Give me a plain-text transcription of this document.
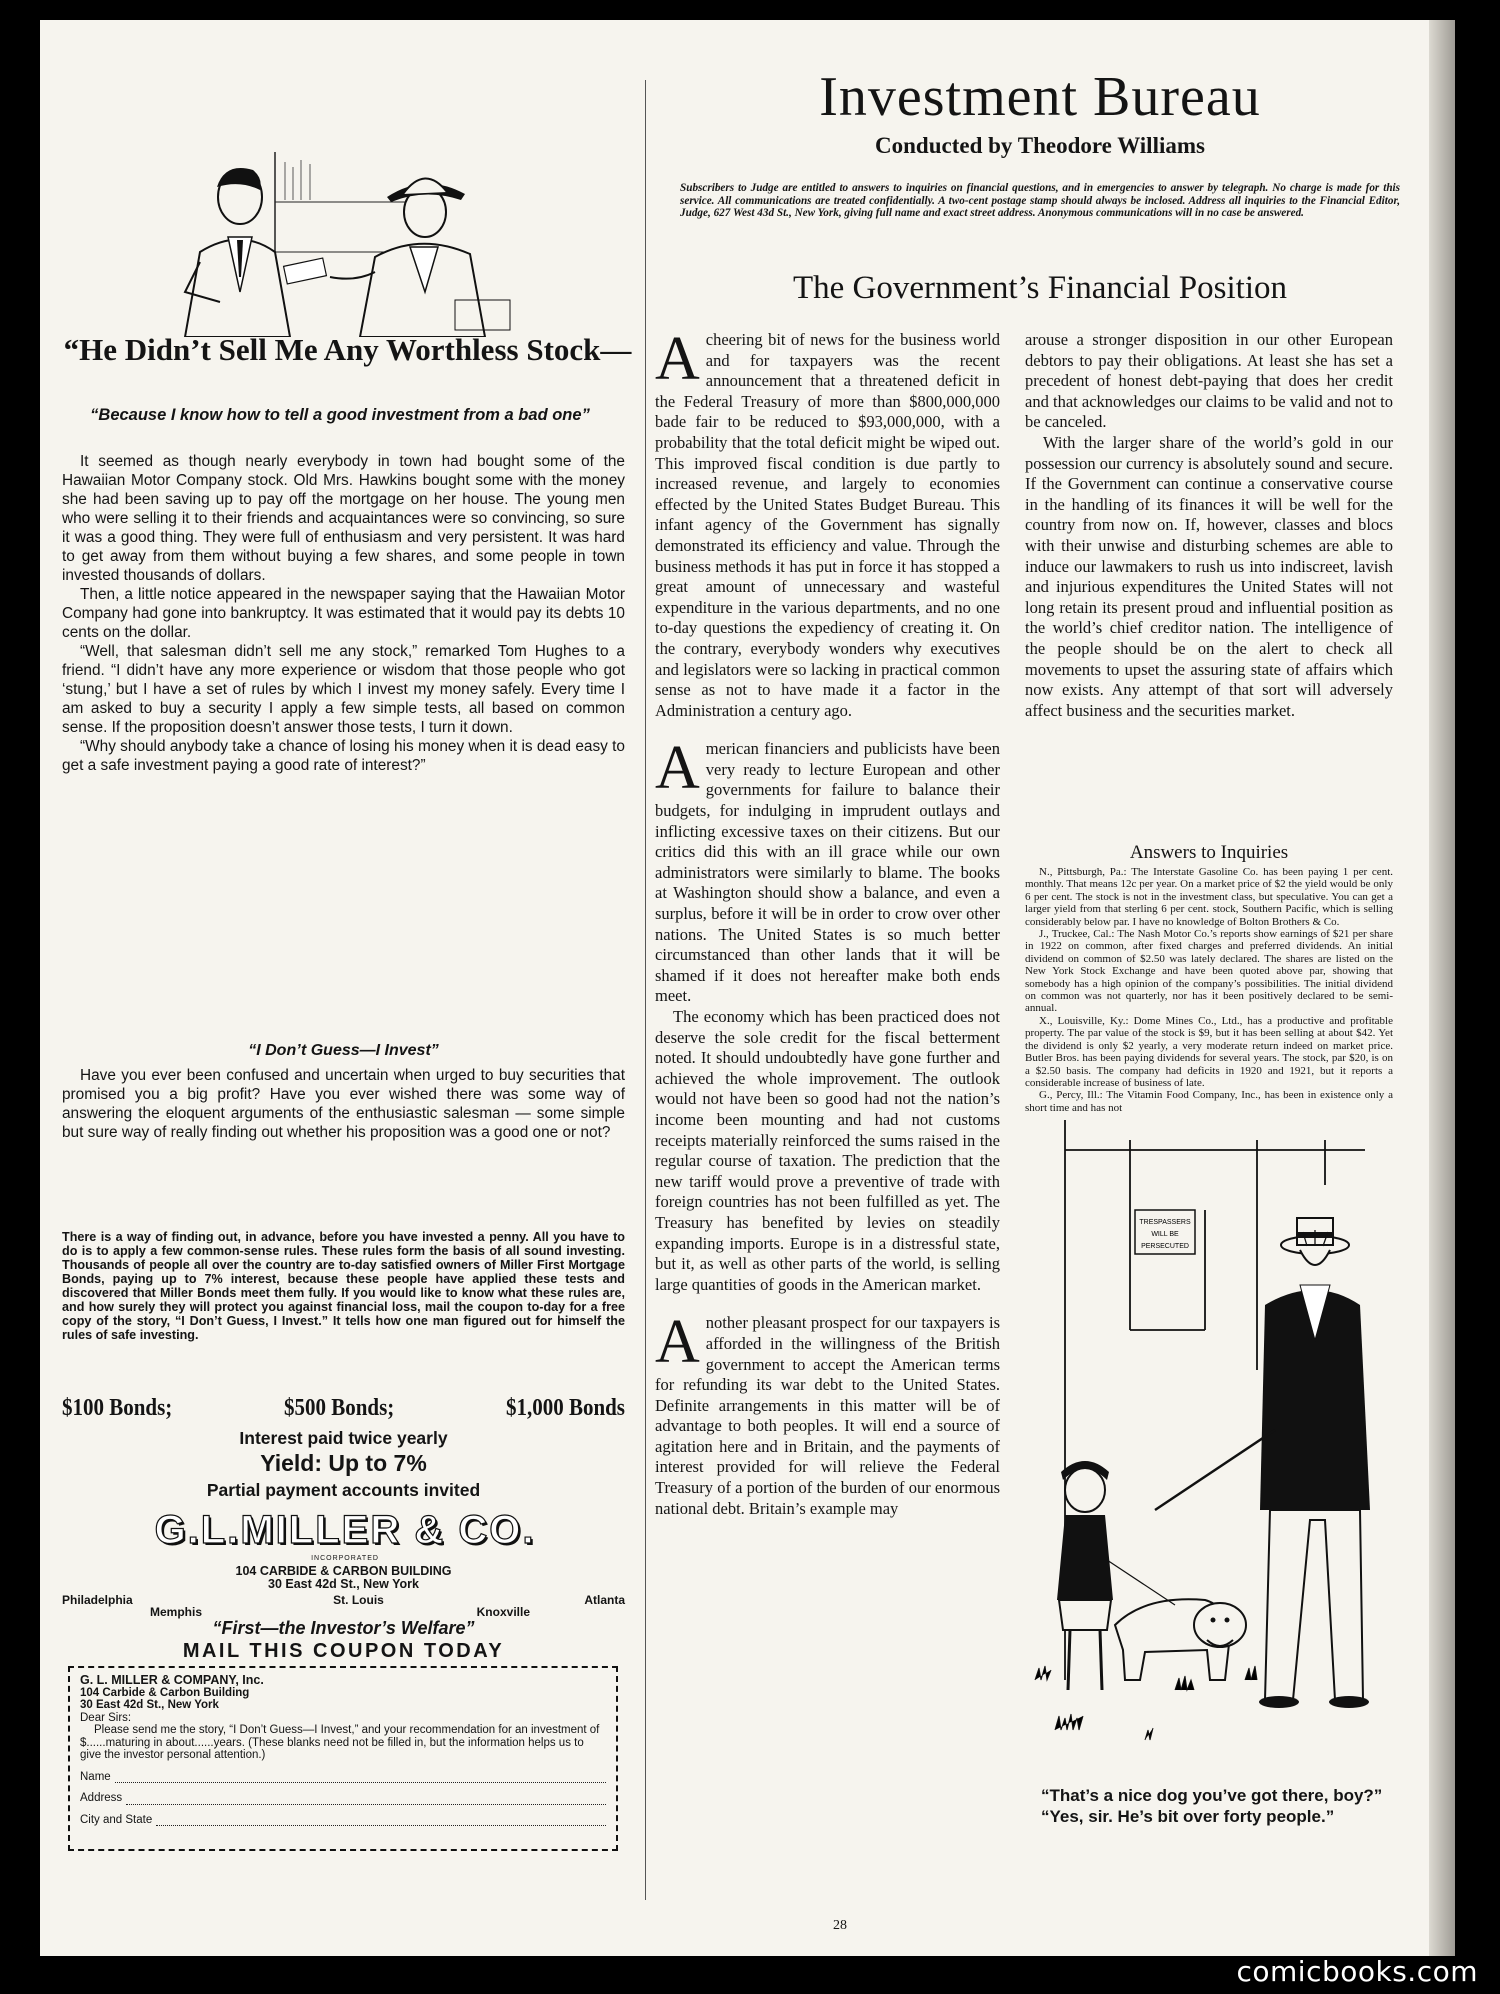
“He Didn’t Sell Me Any Worthless Stock—
“Because I know how to tell a good investment from a bad one”

It seemed as though nearly everybody in town had bought some of the Hawaiian Motor Company stock. Old Mrs. Hawkins bought some with the money she had been saving up to pay off the mortgage on her house. The young men who were selling it to their friends and acquaintances were so convincing, so sure it was a good thing. They were full of enthusiasm and very persistent. It was hard to get away from them without buying a few shares, and some people in town invested thousands of dollars.

Then, a little notice appeared in the newspaper saying that the Hawaiian Motor Company had gone into bankruptcy. It was estimated that it would pay its debts 10 cents on the dollar.

“Well, that salesman didn’t sell me any stock,” remarked Tom Hughes to a friend. “I didn’t have any more experience or wisdom that those people who got ‘stung,’ but I have a set of rules by which I invest my money safely. Every time I am asked to buy a security I apply a few simple tests, all based on common sense. If the proposition doesn’t answer those tests, I turn it down.

“Why should anybody take a chance of losing his money when it is dead easy to get a safe investment paying a good rate of interest?”

“I Don’t Guess—I Invest”

Have you ever been confused and uncertain when urged to buy securities that promised you a big profit? Have you ever wished there was some way of answering the eloquent arguments of the enthusiastic salesman — some simple but sure way of really finding out whether his proposition was a good one or not?

There is a way of finding out, in advance, before you have invested a penny. All you have to do is to apply a few common-sense rules. These rules form the basis of all sound investing. Thousands of people all over the country are to-day satisfied owners of Miller First Mortgage Bonds, paying up to 7% interest, because these people have applied these tests and discovered that Miller Bonds meet them fully. If you would like to know what these rules are, and how surely they will protect you against financial loss, mail the coupon to-day for a free copy of the story, “I Don’t Guess, I Invest.” It tells how one man figured out for himself the rules of safe investing.
$100 Bonds;	$500 Bonds;	$1,000 Bonds
Interest paid twice yearly
Yield: Up to 7%
Partial payment accounts invited
G.L.MILLER & CO.
INCORPORATED
104 CARBIDE & CARBON BUILDING
30 East 42d St., New York
Philadelphia	St. Louis	Atlanta
Memphis	Knoxville
“First—the Investor’s Welfare”
MAIL THIS COUPON TODAY
G. L. MILLER & COMPANY, Inc.
104 Carbide & Carbon Building
30 East 42d St., New York
Dear Sirs:
Please send me the story, “I Don’t Guess—I Invest,” and your recommendation for an investment of $......maturing in about......years. (These blanks need not be filled in, but the information helps us to give the investor personal attention.)
Name
Address
City and State
Investment Bureau
Conducted by Theodore Williams
Subscribers to Judge are entitled to answers to inquiries on financial questions, and in emergencies to answer by telegraph. No charge is made for this service. All communications are treated confidentially. A two-cent postage stamp should always be inclosed. Address all inquiries to the Financial Editor, Judge, 627 West 43d St., New York, giving full name and exact street address. Anonymous communications will in no case be answered.
The Government’s Financial Position

Acheering bit of news for the business world and for taxpayers was the recent announcement that a threatened deficit in the Federal Treasury of more than $800,000,000 bade fair to be reduced to $93,000,000, with a probability that the total deficit might be wiped out. This improved fiscal condition is due partly to increased revenue, and largely to economies effected by the United States Budget Bureau. This infant agency of the Government has signally demonstrated its efficiency and value. Through the business methods it has put in force it has stopped a great amount of unnecessary and wasteful expenditure in the various departments, and no one to-day questions the expediency of creating it. On the contrary, everybody wonders why executives and legislators were so lacking in practical common sense as not to have made it a factor in the Administration a century ago.

American financiers and publicists have been very ready to lecture European and other governments for failure to balance their budgets, for indulging in imprudent outlays and inflicting excessive taxes on their citizens. But our critics did this with an ill grace while our own administrators were similarly to blame. The books at Washington should show a balance, and even a surplus, before it will be in order to crow over other nations. The United States is so much better circumstanced than other lands that it will be shamed if it does not hereafter make both ends meet.

The economy which has been practiced does not deserve the sole credit for the fiscal betterment noted. It should undoubtedly have gone further and achieved the whole improvement. The outlook would not have been so good had not the nation’s income been mounting and had not customs receipts materially reinforced the sums raised in the regular course of taxation. The prediction that the new tariff would prove a preventive of trade with foreign countries has not been fulfilled as yet. The Treasury has benefited by levies on steadily expanding imports. Europe is in a distressful state, but it, as well as other parts of the world, is selling large quantities of goods in the American market.

Another pleasant prospect for our taxpayers is afforded in the willingness of the British government to accept the American terms for refunding its war debt to the United States. Definite arrangements in this matter will be of advantage to both peoples. It will end a source of agitation here and in Britain, and the payments of interest provided for will relieve the Federal Treasury of a portion of the burden of our enormous national debt. Britain’s example may

arouse a stronger disposition in our other European debtors to pay their obligations. At least she has set a precedent of honest debt-paying that does her credit and that acknowledges our claims to be valid and not to be canceled.

With the larger share of the world’s gold in our possession our currency is absolutely sound and secure. If the Government can continue a conservative course in the handling of its finances it will be well for the country from now on. If, however, classes and blocs with their unwise and disturbing schemes are able to induce our lawmakers to rush us into indiscreet, lavish and injurious expenditures the United States will not long retain its present proud and influential position as the world’s chief creditor nation. The intelligence of the people should be on the alert to check all movements to upset the assuring state of affairs which now exists. Any attempt of that sort will adversely affect business and the securities market.

Answers to Inquiries

N., Pittsburgh, Pa.: The Interstate Gasoline Co. has been paying 1 per cent. monthly. That means 12c per year. On a market price of $2 the yield would be only 6 per cent. The stock is not in the investment class, but speculative. You can get a larger yield from that sterling 6 per cent. stock, Southern Pacific, which is selling considerably below par. I have no knowledge of Bolton Brothers & Co.

J., Truckee, Cal.: The Nash Motor Co.’s reports show earnings of $21 per share in 1922 on common, after fixed charges and preferred dividends. An initial dividend on common of $2.50 was lately declared. The shares are listed on the New York Stock Exchange and have been quoted above par, showing that somebody has a high opinion of the company’s possibilities. The initial dividend on common was not quarterly, nor has it been positively declared to be semi-annual.

X., Louisville, Ky.: Dome Mines Co., Ltd., has a productive and profitable property. The par value of the stock is $9, but it has been selling at about $42. Yet the dividend is only $2 yearly, a very moderate return indeed on market price. Butler Bros. has been paying dividends for several years. The stock, par $20, is on a $2.50 basis. The company had deficits in 1920 and 1921, but it reports a considerable increase of business of late.

G., Percy, Ill.: The Vitamin Food Company, Inc., has been in existence only a short time and has not

TRESPASSERS
WILL BE
PERSECUTED

“That’s a nice dog you’ve got there, boy?”

“Yes, sir. He’s bit over forty people.”

28
comicbooks.com
